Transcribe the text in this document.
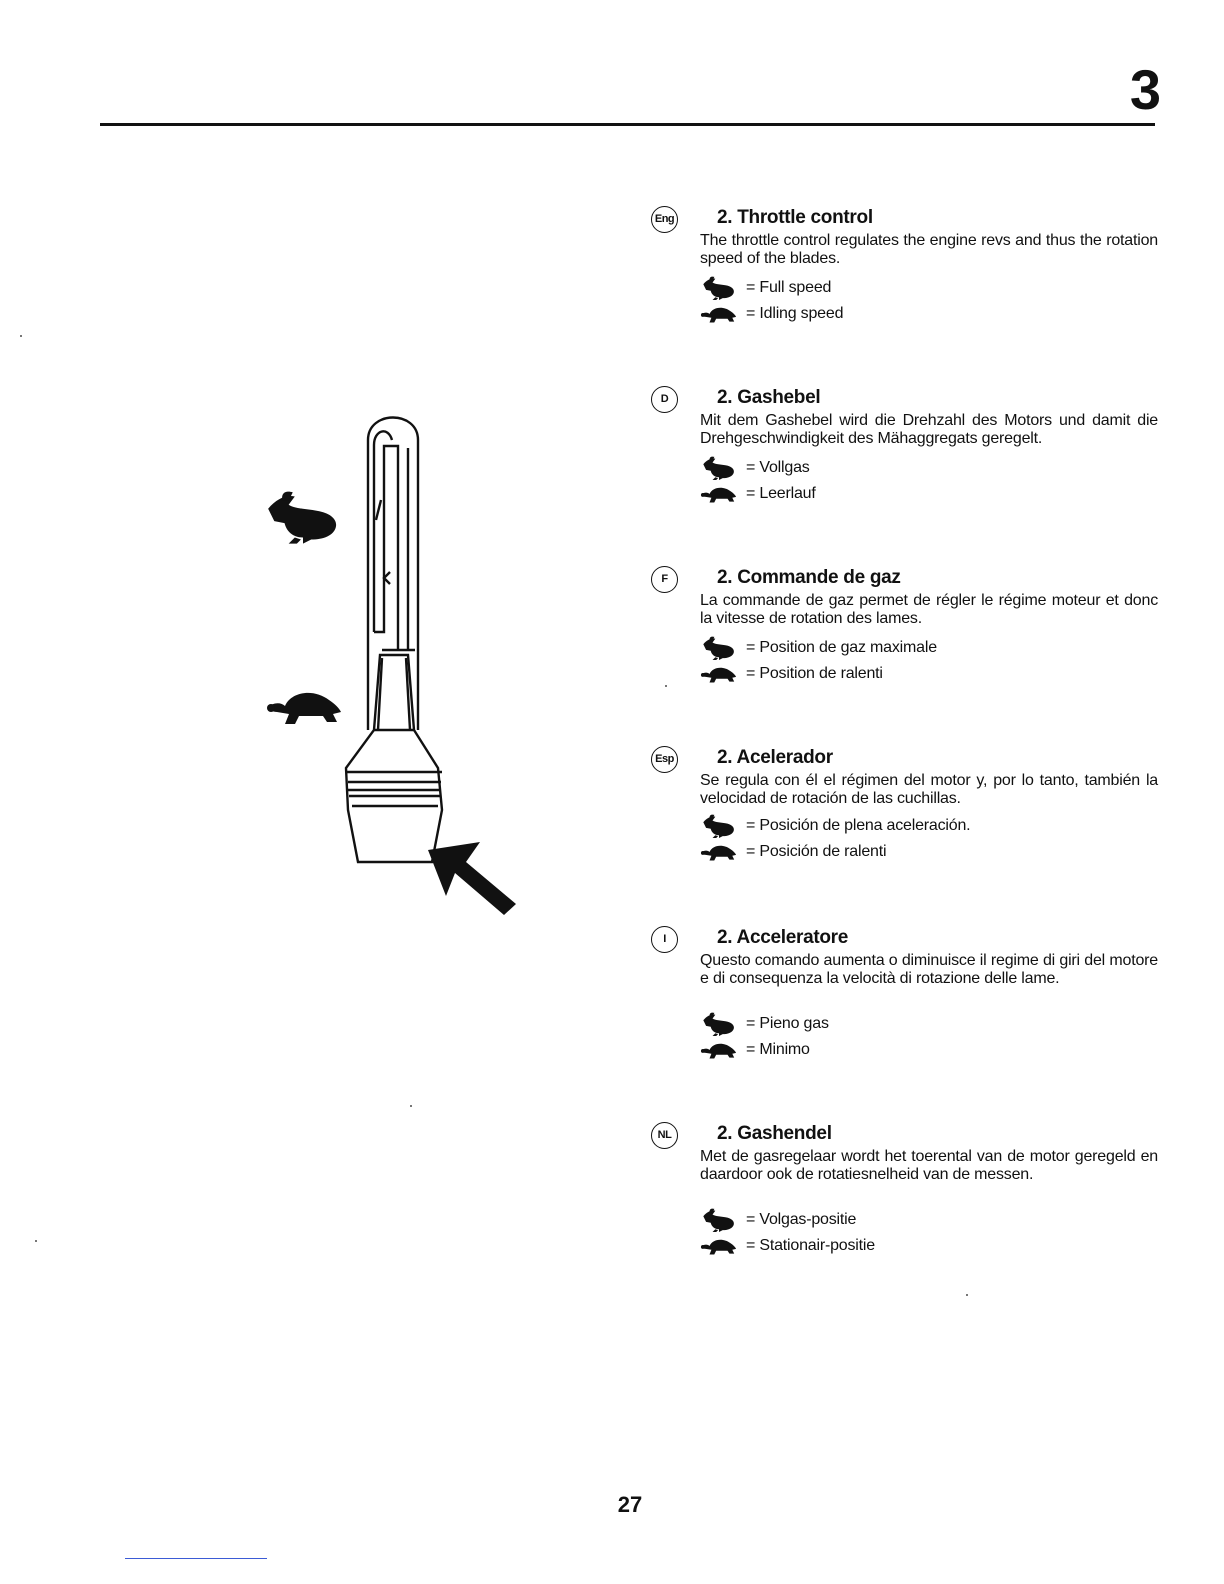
3
Eng 2. Throttle control
The throttle control regulates the engine revs and thus the rotation speed of the blades.
= Full speed
= Idling speed
D	2. Gashebel
Mit dem Gashebel wird die Drehzahl des Motors und damit die Drehgeschwindigkeit des Mähaggregats geregelt.
= Vollgas
= Leerlauf
F	2. Commande de gaz
La commande de gaz permet de régler le régime moteur et donc la vitesse de rotation des lames.
= Position de gaz maximale
= Position de ralenti
Esp 2. Acelerador
Se regula con él el régimen del motor y, por lo tanto, también la velocidad de rotación de las cuchillas.
= Posición de plena aceleración.
= Posición de ralenti
I	2. Acceleratore
Questo comando aumenta o diminuisce il regime di giri del motore e di consequenza la velocità di rotazione delle lame.
= Pieno gas
= Minimo
NL	2. Gashendel
Met de gasregelaar wordt het toerental van de motor geregeld en daardoor ook de rotatiesnelheid van de messen.
= Volgas-positie
= Stationair-positie
27
